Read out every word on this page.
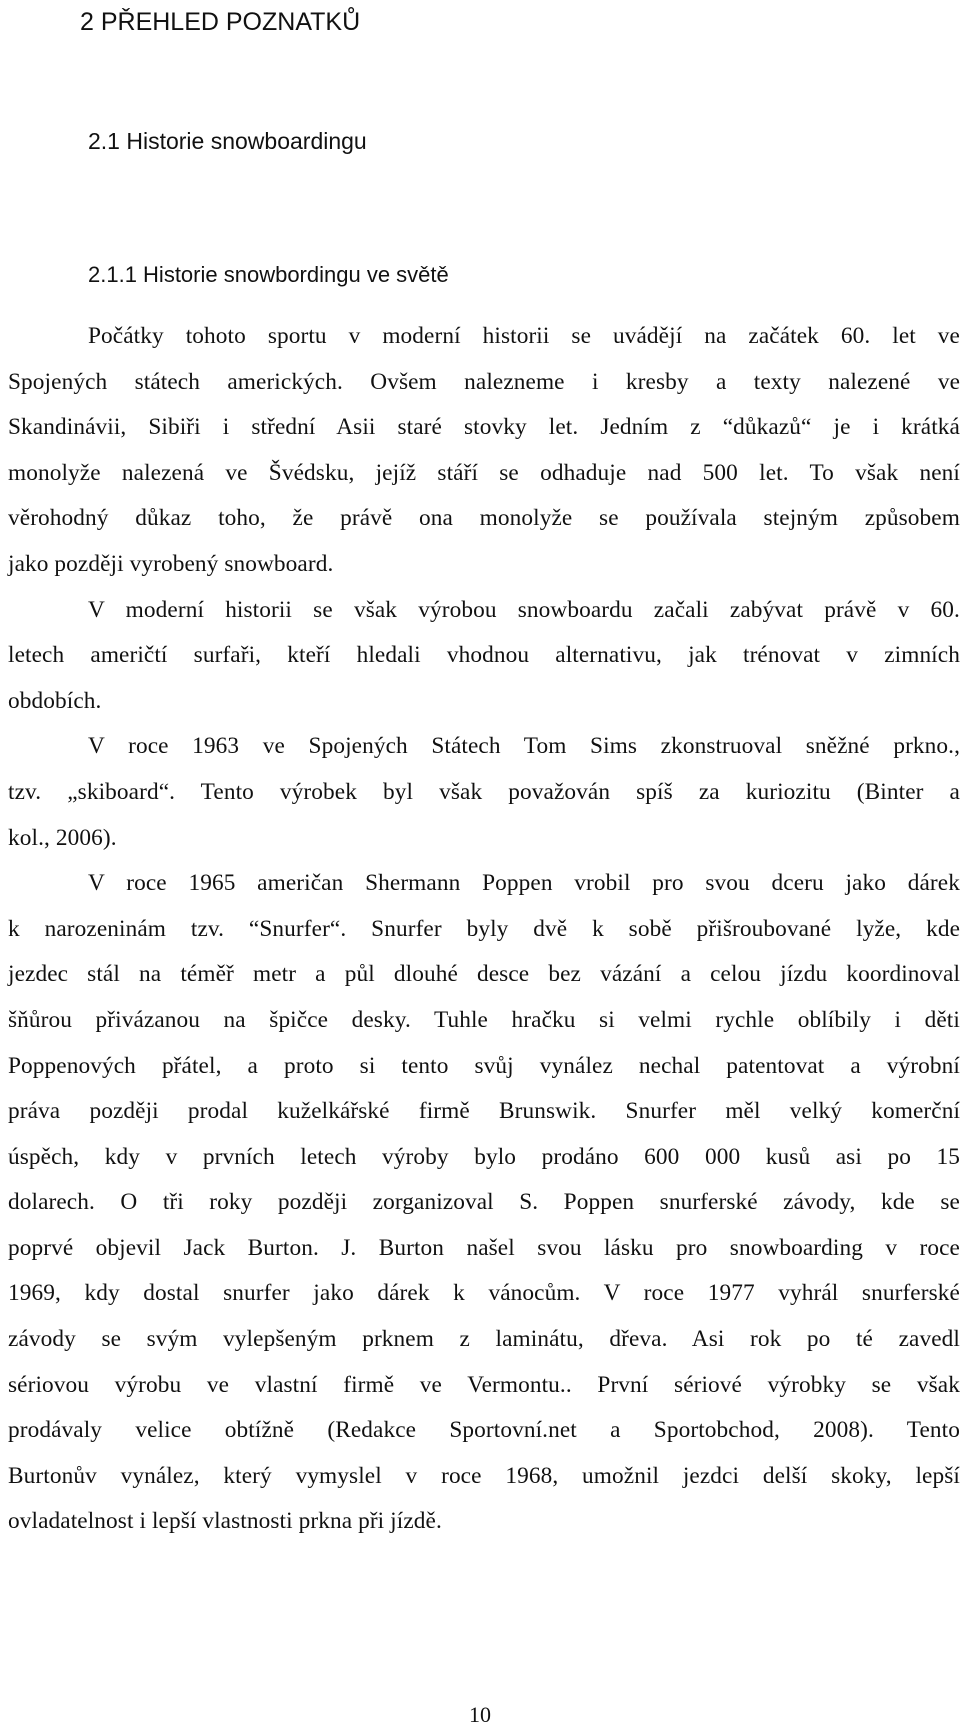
2 PŘEHLED POZNATKŮ
2.1 Historie snowboardingu
2.1.1 Historie snowbordingu ve světě
Počátky tohoto sportu v moderní historii se uvádějí na začátek 60. let ve
Spojených státech amerických. Ovšem nalezneme i kresby a texty nalezené ve
Skandinávii, Sibiři i střední Asii staré stovky let. Jedním z “důkazů“ je i krátká
monolyže nalezená ve Švédsku, jejíž stáří se odhaduje nad 500 let. To však není
věrohodný důkaz toho, že právě ona monolyže se používala stejným způsobem
jako později vyrobený snowboard.
V moderní historii se však výrobou snowboardu začali zabývat právě v 60.
letech američtí surfaři, kteří hledali vhodnou alternativu, jak trénovat v zimních
obdobích.
V roce 1963 ve Spojených Státech Tom Sims zkonstruoval sněžné prkno.,
tzv. „skiboard“. Tento výrobek byl však považován spíš za kuriozitu (Binter a
kol., 2006).
V roce 1965 američan Shermann Poppen vrobil pro svou dceru jako dárek
k narozeninám tzv. “Snurfer“. Snurfer byly dvě k sobě přišroubované lyže, kde
jezdec stál na téměř metr a půl dlouhé desce bez vázání a celou jízdu koordinoval
šňůrou přivázanou na špičce desky. Tuhle hračku si velmi rychle oblíbily i děti
Poppenových přátel, a proto si tento svůj vynález nechal patentovat a výrobní
práva později prodal kuželkářské firmě Brunswik. Snurfer měl velký komerční
úspěch, kdy v prvních letech výroby bylo prodáno 600 000 kusů asi po 15
dolarech. O tři roky později zorganizoval S. Poppen snurferské závody, kde se
poprvé objevil Jack Burton. J. Burton našel svou lásku pro snowboarding v roce
1969, kdy dostal snurfer jako dárek k vánocům. V roce 1977 vyhrál snurferské
závody se svým vylepšeným prknem z laminátu, dřeva. Asi rok po té zavedl
sériovou výrobu ve vlastní firmě ve Vermontu.. První sériové výrobky se však
prodávaly velice obtížně (Redakce Sportovní.net a Sportobchod, 2008). Tento
Burtonův vynález, který vymyslel v roce 1968, umožnil jezdci delší skoky, lepší
ovladatelnost i lepší vlastnosti prkna při jízdě.
10
